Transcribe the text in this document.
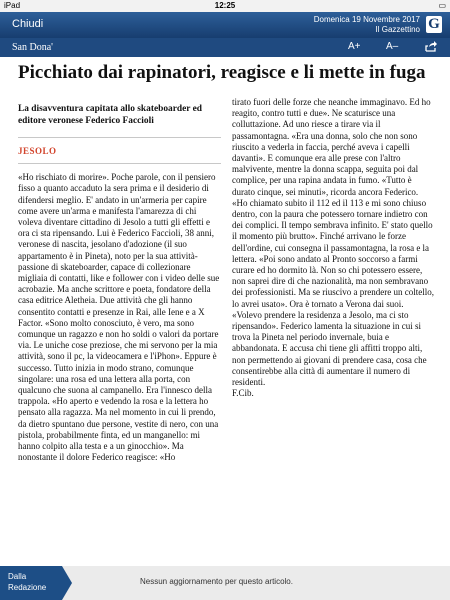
iPad	12:25	▭
Chiudi	Domenica 19 Novembre 2017
Il Gazzettino G
San Dona'	A+	A–
Picchiato dai rapinatori, reagisce e li mette in fuga
La disavventura capitata allo skateboarder ed editore veronese Federico Faccioli
JESOLO

«Ho rischiato di morire». Poche parole, con il pensiero fisso a quanto accaduto la sera prima e il desiderio di difendersi meglio. E' andato in un'armeria per capire come avere un'arma e manifesta l'amarezza di chi voleva diventare cittadino di Jesolo a tutti gli effetti e ora ci sta ripensando. Lui è Federico Faccioli, 38 anni, veronese di nascita, jesolano d'adozione (il suo appartamento è in Pineta), noto per la sua attività-passione di skateboarder, capace di collezionare migliaia di contatti, like e follower con i video delle sue acrobazie. Ma anche scrittore e poeta, fondatore della casa editrice Aletheia. Due attività che gli hanno consentito contatti e presenze in Rai, alle Iene e a X Factor. «Sono molto conosciuto, è vero, ma sono comunque un ragazzo e non ho soldi o valori da portare via. Le uniche cose preziose, che mi servono per la mia attività, sono il pc, la videocamera e l'iPhon». Eppure è successo. Tutto inizia in modo strano, comunque singolare: una rosa ed una lettera alla porta, con qualcuno che suona al campanello. Era l'innesco della trappola. «Ho aperto e vedendo la rosa e la lettera ho pensato alla ragazza. Ma nel momento in cui li prendo, da dietro spuntano due persone, vestite di nero, con una pistola, probabilmente finta, ed un manganello: mi hanno colpito alla testa e a un ginocchio». Ma nonostante il dolore Federico reagisce: «Ho

tirato fuori delle forze che neanche immaginavo. Ed ho reagito, contro tutti e due». Ne scaturisce una colluttazione. Ad uno riesce a tirare via il passamontagna. «Era una donna, solo che non sono riuscito a vederla in faccia, perché aveva i capelli davanti». E comunque era alle prese con l'altro malvivente, mentre la donna scappa, seguita poi dal complice, per una rapina andata in fumo. «Tutto è durato cinque, sei minuti», ricorda ancora Federico. «Ho chiamato subito il 112 ed il 113 e mi sono chiuso dentro, con la paura che potessero tornare indietro con dei complici. Il tempo sembrava infinito. E' stato quello il momento più brutto». Finché arrivano le forze dell'ordine, cui consegna il passamontagna, la rosa e la lettera. «Poi sono andato al Pronto soccorso a farmi curare ed ho dormito là. Non so chi potessero essere, non saprei dire di che nazionalità, ma non sembravano dei professionisti. Ma se riuscivo a prendere un coltello, lo avrei usato». Ora è tornato a Verona dai suoi. «Volevo prendere la residenza a Jesolo, ma ci sto ripensando». Federico lamenta la situazione in cui si trova la Pineta nel periodo invernale, buia e abbandonata. E accusa chi tiene gli affitti troppo alti, non permettendo ai giovani di prendere casa, cosa che consentirebbe alla città di aumentare il numero di residenti.

F.Cib.

Dalla
Redazione
Nessun aggiornamento per questo articolo.
